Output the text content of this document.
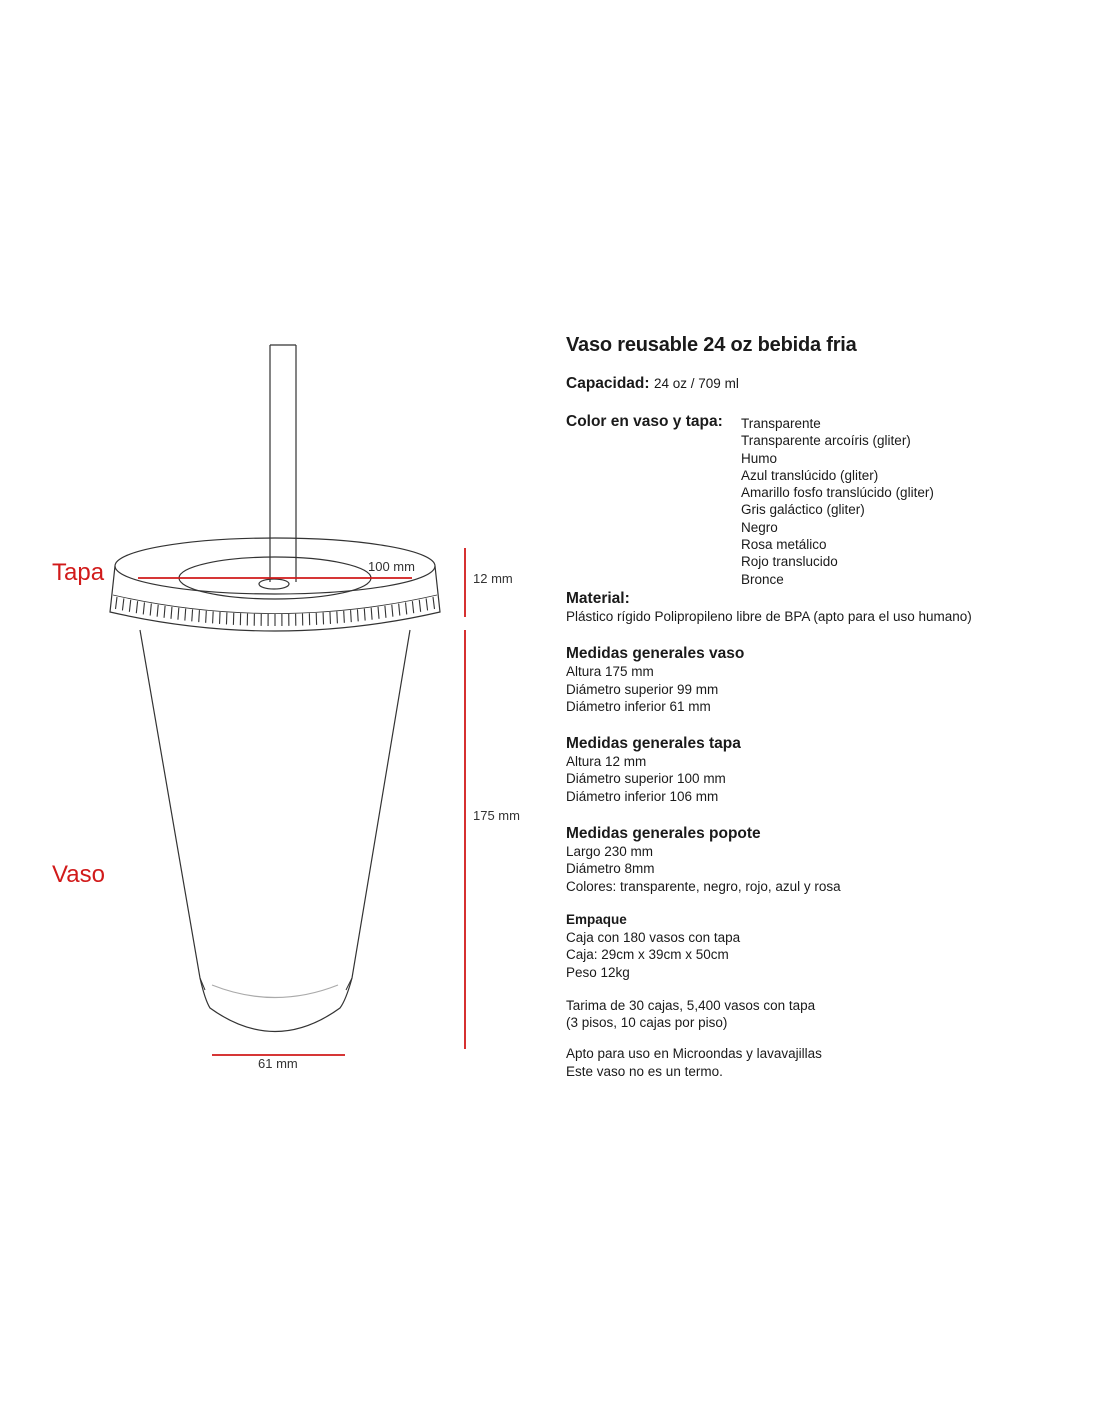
100 mm
12 mm
175 mm
61 mm
Tapa
Vaso
Vaso reusable 24 oz bebida fria
Capacidad: 24 oz / 709 ml
Color en vaso y tapa:	Transparente
Transparente arcoíris (gliter)
Humo
Azul translúcido (gliter)
Amarillo fosfo translúcido (gliter)
Gris galáctico (gliter)
Negro
Rosa metálico
Rojo translucido
Bronce
Material:

Plástico rígido Polipropileno libre de BPA (apto para el uso humano)

Medidas generales vaso

Altura 175 mm

Diámetro superior 99 mm

Diámetro inferior 61 mm

Medidas generales tapa

Altura 12 mm

Diámetro superior 100 mm

Diámetro inferior 106 mm

Medidas generales popote

Largo 230 mm

Diámetro 8mm

Colores: transparente, negro, rojo, azul y rosa

Empaque

Caja con 180 vasos con tapa

Caja: 29cm x 39cm x 50cm

Peso 12kg

Tarima de 30 cajas, 5,400 vasos con tapa

(3 pisos, 10 cajas por piso)

Apto para uso en Microondas y lavavajillas

Este vaso no es un termo.
